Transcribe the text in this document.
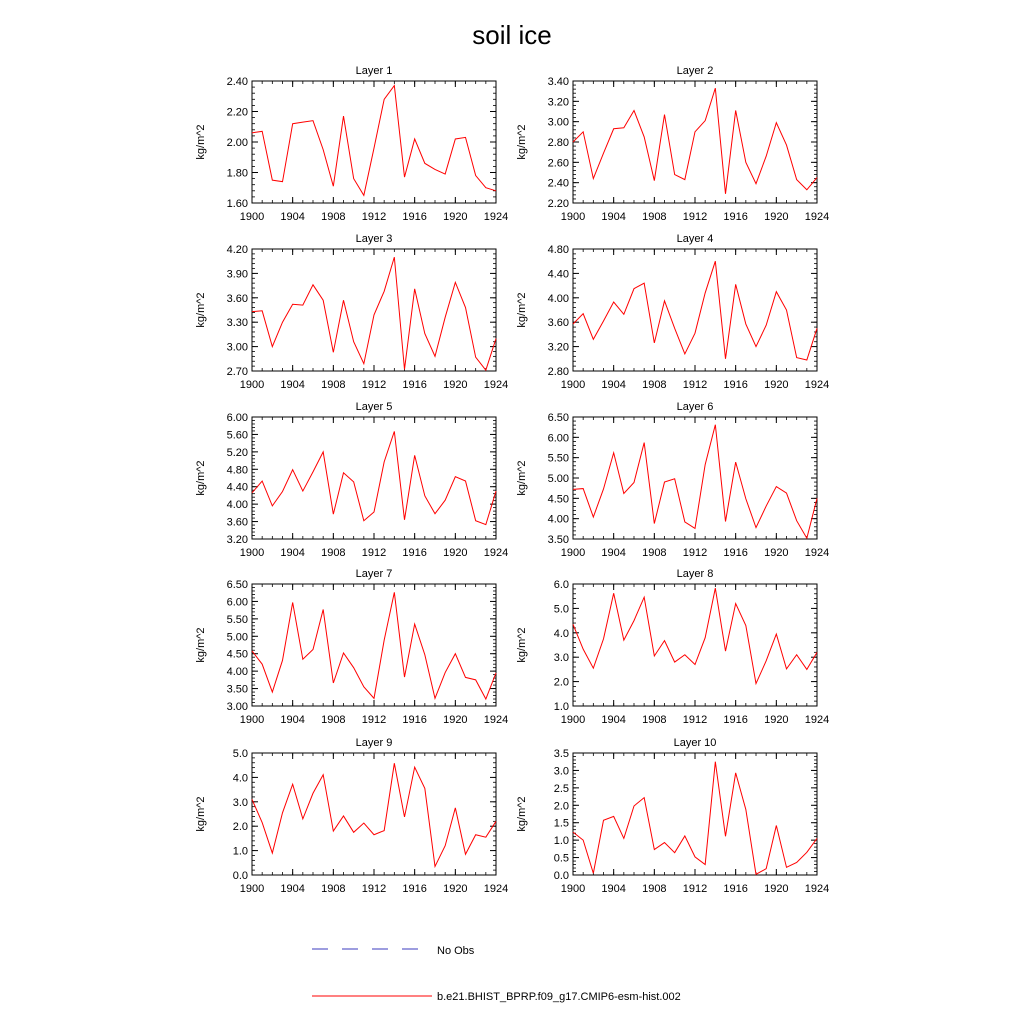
soil ice
Layer 1
1900 1904 1908 1912 1916 1920 1924
1.60
1.80
2.00
2.20
2.40
kg/m^2
Layer 2
1900 1904 1908 1912 1916 1920 1924
2.20
2.40
2.60
2.80
3.00
3.20
3.40
kg/m^2
Layer 3
1900 1904 1908 1912 1916 1920 1924
2.70
3.00
3.30
3.60
3.90
4.20
kg/m^2
Layer 4
1900 1904 1908 1912 1916 1920 1924
2.80
3.20
3.60
4.00
4.40
4.80
kg/m^2
Layer 5
1900 1904 1908 1912 1916 1920 1924
3.20
3.60
4.00
4.40
4.80
5.20
5.60
6.00
kg/m^2
Layer 6
1900 1904 1908 1912 1916 1920 1924
3.50
4.00
4.50
5.00
5.50
6.00
6.50
kg/m^2
Layer 7
1900 1904 1908 1912 1916 1920 1924
3.00
3.50
4.00
4.50
5.00
5.50
6.00
6.50
kg/m^2
Layer 8
1900 1904 1908 1912 1916 1920 1924
1.0
2.0
3.0
4.0
5.0
6.0
kg/m^2
Layer 9
1900 1904 1908 1912 1916 1920 1924
0.0
1.0
2.0
3.0
4.0
5.0
kg/m^2
Layer 10
1900 1904 1908 1912 1916 1920 1924
0.0
0.5
1.0
1.5
2.0
2.5
3.0
3.5
kg/m^2
No Obs
b.e21.BHIST_BPRP.f09_g17.CMIP6-esm-hist.002
